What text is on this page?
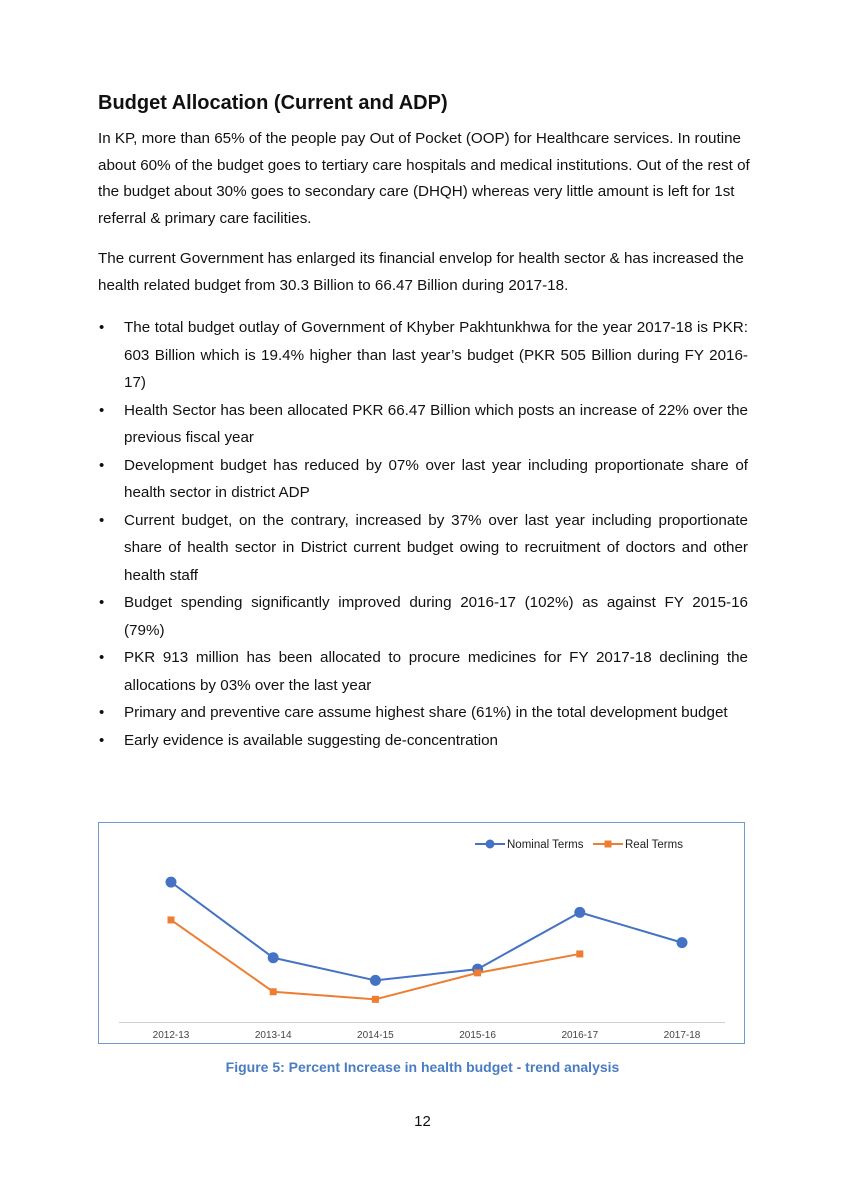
Budget Allocation (Current and ADP)

In KP, more than 65% of the people pay Out of Pocket (OOP) for Healthcare services. In routine about 60% of the budget goes to tertiary care hospitals and medical institutions. Out of the rest of the budget about 30% goes to secondary care (DHQH) whereas very little amount is left for 1st referral & primary care facilities.

The current Government has enlarged its financial envelop for health sector & has increased the health related budget from 30.3 Billion to 66.47 Billion during 2017-18.

• The total budget outlay of Government of Khyber Pakhtunkhwa for the year 2017-18 is PKR: 603 Billion which is 19.4% higher than last year’s budget (PKR 505 Billion during FY 2016-17)
• Health Sector has been allocated PKR 66.47 Billion which posts an increase of 22% over the previous fiscal year
• Development budget has reduced by 07% over last year including proportionate share of health sector in district ADP
• Current budget, on the contrary, increased by 37% over last year including proportionate share of health sector in District current budget owing to recruitment of doctors and other health staff
• Budget spending significantly improved during 2016-17 (102%) as against FY 2015-16 (79%)
• PKR 913 million has been allocated to procure medicines for FY 2017-18 declining the allocations by 03% over the last year
• Primary and preventive care assume highest share (61%) in the total development budget
• Early evidence is available suggesting de-concentration
2012-13	2013-14	2014-15	2015-16	2016-17	2017-18
Nominal Terms	Real Terms

Figure 5: Percent Increase in health budget - trend analysis

12
